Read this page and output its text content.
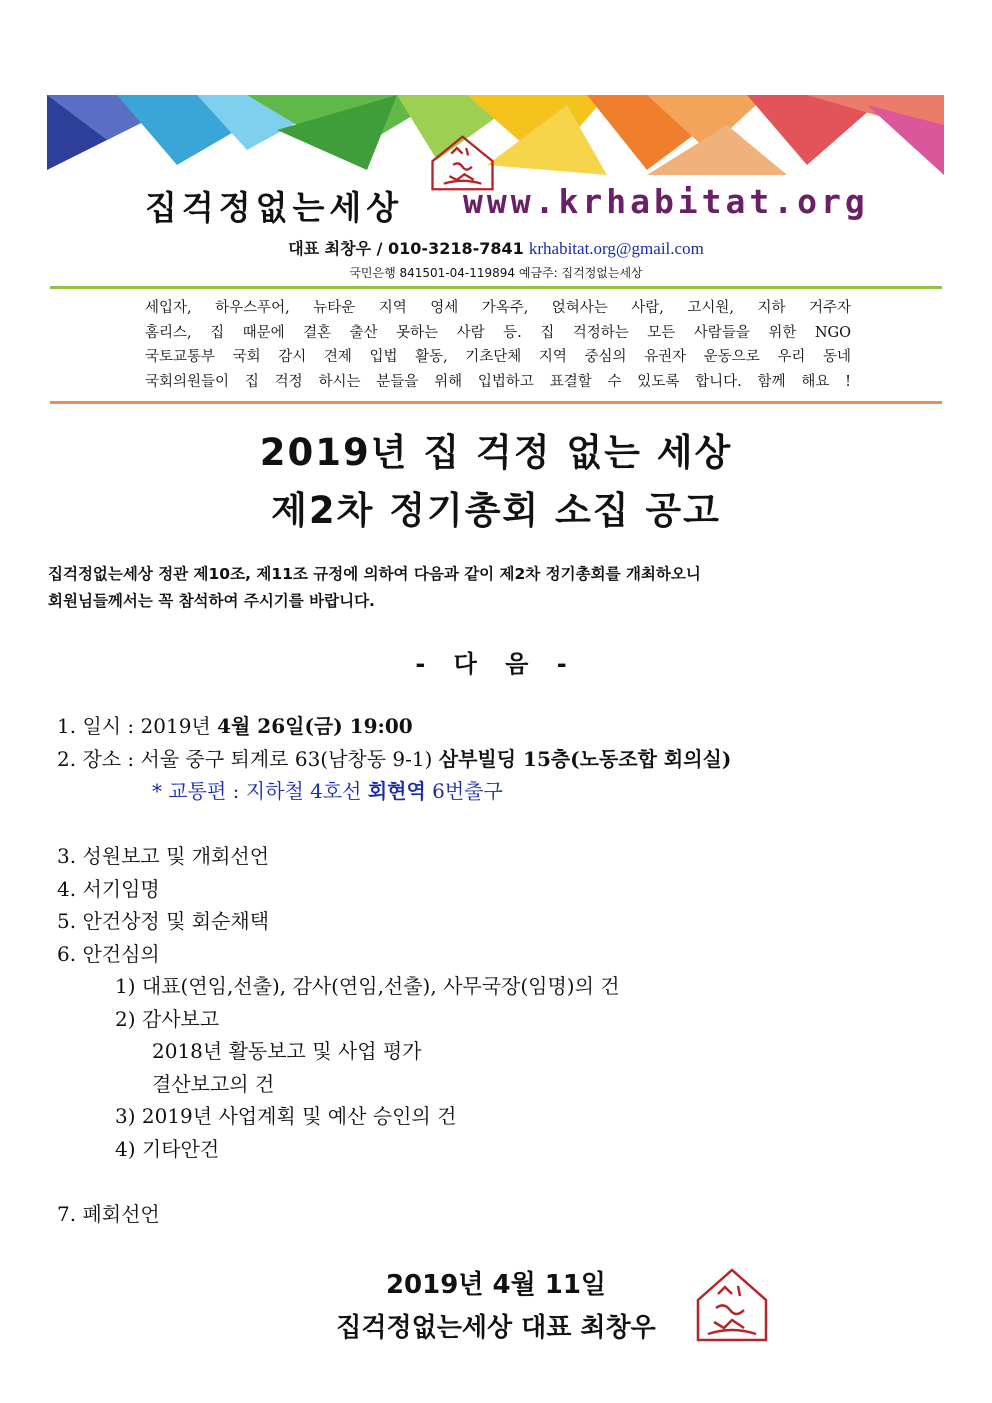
집걱정없는세상 www.krhabitat.org
대표 최창우 / 010-3218-7841 krhabitat.org@gmail.com
국민은행 841501-04-119894 예금주: 집걱정없는세상
세입자, 하우스푸어, 뉴타운 지역 영세 가옥주, 얹혀사는 사람, 고시원, 지하 거주자
홈리스, 집 때문에 결혼 출산 못하는 사람 등. 집 걱정하는 모든 사람들을 위한 NGO
국토교통부 국회 감시 견제 입법 활동, 기초단체 지역 중심의 유권자 운동으로 우리 동네
국회의원들이 집 걱정 하시는 분들을 위해 입법하고 표결할 수 있도록 합니다. 함께 해요 !
2019년 집 걱정 없는 세상
제2차 정기총회 소집 공고
집걱정없는세상 정관 제10조, 제11조 규정에 의하여 다음과 같이 제2차 정기총회를 개최하오니
회원님들께서는 꼭 참석하여 주시기를 바랍니다.
- 다 음 -
1. 일시 : 2019년 4월 26일(금) 19:00
2. 장소 : 서울 중구 퇴계로 63(남창동 9-1) 삼부빌딩 15층(노동조합 회의실)
* 교통편 : 지하철 4호선 회현역 6번출구
3. 성원보고 및 개회선언
4. 서기임명
5. 안건상정 및 회순채택
6. 안건심의
1) 대표(연임,선출), 감사(연임,선출), 사무국장(임명)의 건
2) 감사보고
2018년 활동보고 및 사업 평가
결산보고의 건
3) 2019년 사업계획 및 예산 승인의 건
4) 기타안건
7. 폐회선언
2019년 4월 11일
집걱정없는세상 대표 최창우
